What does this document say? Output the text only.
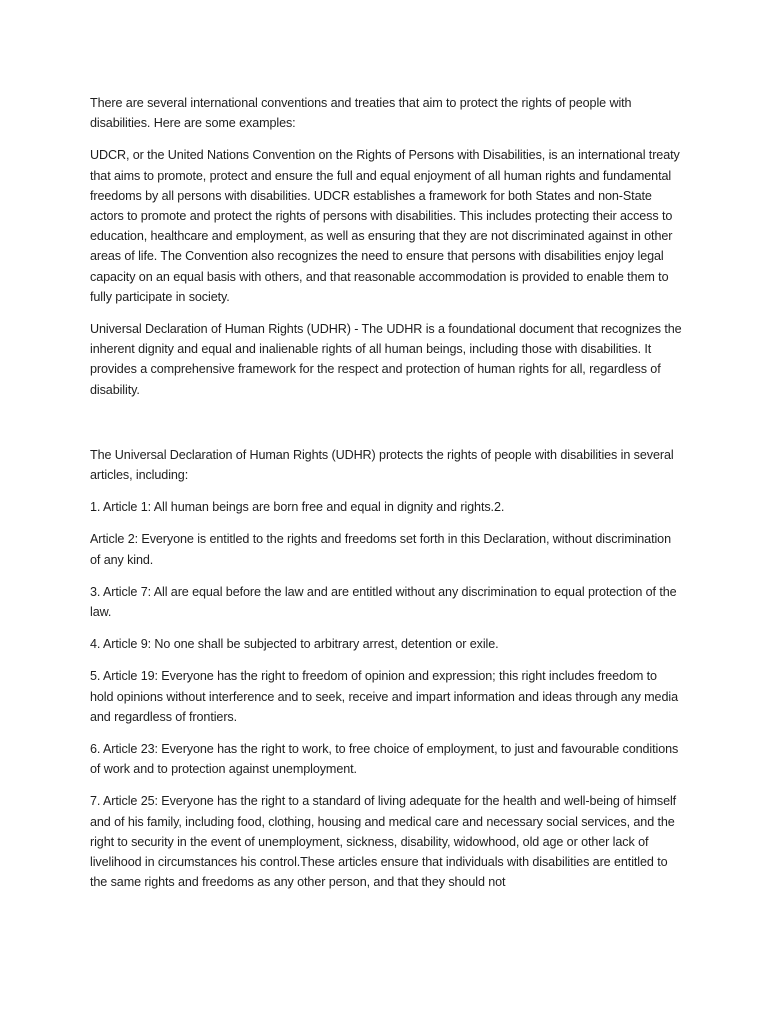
There are several international conventions and treaties that aim to protect the rights of people with disabilities. Here are some examples:

UDCR, or the United Nations Convention on the Rights of Persons with Disabilities, is an international treaty that aims to promote, protect and ensure the full and equal enjoyment of all human rights and fundamental freedoms by all persons with disabilities. UDCR establishes a framework for both States and non-State actors to promote and protect the rights of persons with disabilities. This includes protecting their access to education, healthcare and employment, as well as ensuring that they are not discriminated against in other areas of life. The Convention also recognizes the need to ensure that persons with disabilities enjoy legal capacity on an equal basis with others, and that reasonable accommodation is provided to enable them to fully participate in society.

Universal Declaration of Human Rights (UDHR) - The UDHR is a foundational document that recognizes the inherent dignity and equal and inalienable rights of all human beings, including those with disabilities. It provides a comprehensive framework for the respect and protection of human rights for all, regardless of disability.

The Universal Declaration of Human Rights (UDHR) protects the rights of people with disabilities in several articles, including:

1. Article 1: All human beings are born free and equal in dignity and rights.2.

Article 2: Everyone is entitled to the rights and freedoms set forth in this Declaration, without discrimination of any kind.

3. Article 7: All are equal before the law and are entitled without any discrimination to equal protection of the law.

4. Article 9: No one shall be subjected to arbitrary arrest, detention or exile.

5. Article 19: Everyone has the right to freedom of opinion and expression; this right includes freedom to hold opinions without interference and to seek, receive and impart information and ideas through any media and regardless of frontiers.

6. Article 23: Everyone has the right to work, to free choice of employment, to just and favourable conditions of work and to protection against unemployment.

7. Article 25: Everyone has the right to a standard of living adequate for the health and well-being of himself and of his family, including food, clothing, housing and medical care and necessary social services, and the right to security in the event of unemployment, sickness, disability, widowhood, old age or other lack of livelihood in circumstances his control.These articles ensure that individuals with disabilities are entitled to the same rights and freedoms as any other person, and that they should not
